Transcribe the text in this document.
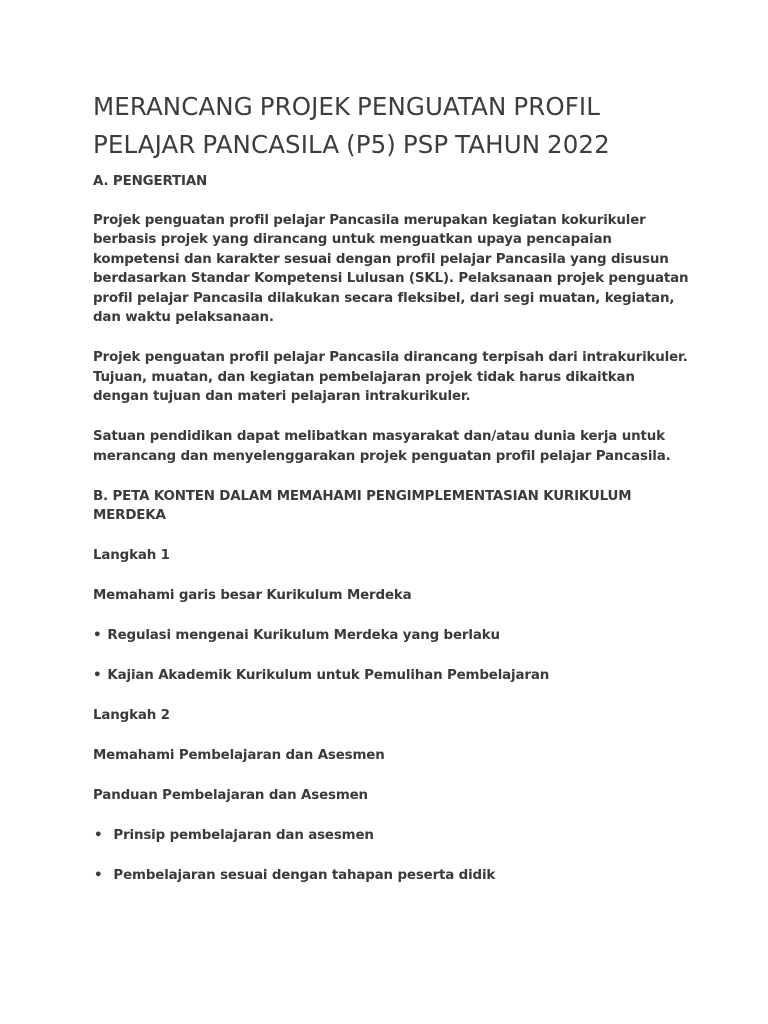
MERANCANG PROJEK PENGUATAN PROFIL
PELAJAR PANCASILA (P5) PSP TAHUN 2022
A. PENGERTIAN
Projek penguatan profil pelajar Pancasila merupakan kegiatan kokurikuler berbasis projek yang dirancang untuk menguatkan upaya pencapaian kompetensi dan karakter sesuai dengan profil pelajar Pancasila yang disusun berdasarkan Standar Kompetensi Lulusan (SKL). Pelaksanaan projek penguatan profil pelajar Pancasila dilakukan secara fleksibel, dari segi muatan, kegiatan, dan waktu pelaksanaan.
Projek penguatan profil pelajar Pancasila dirancang terpisah dari intrakurikuler. Tujuan, muatan, dan kegiatan pembelajaran projek tidak harus dikaitkan dengan tujuan dan materi pelajaran intrakurikuler.
Satuan pendidikan dapat melibatkan masyarakat dan/atau dunia kerja untuk merancang dan menyelenggarakan projek penguatan profil pelajar Pancasila.
B. PETA KONTEN DALAM MEMAHAMI PENGIMPLEMENTASIAN KURIKULUM MERDEKA
Langkah 1
Memahami garis besar Kurikulum Merdeka
• Regulasi mengenai Kurikulum Merdeka yang berlaku
• Kajian Akademik Kurikulum untuk Pemulihan Pembelajaran
Langkah 2
Memahami Pembelajaran dan Asesmen
Panduan Pembelajaran dan Asesmen
• Prinsip pembelajaran dan asesmen
• Pembelajaran sesuai dengan tahapan peserta didik
